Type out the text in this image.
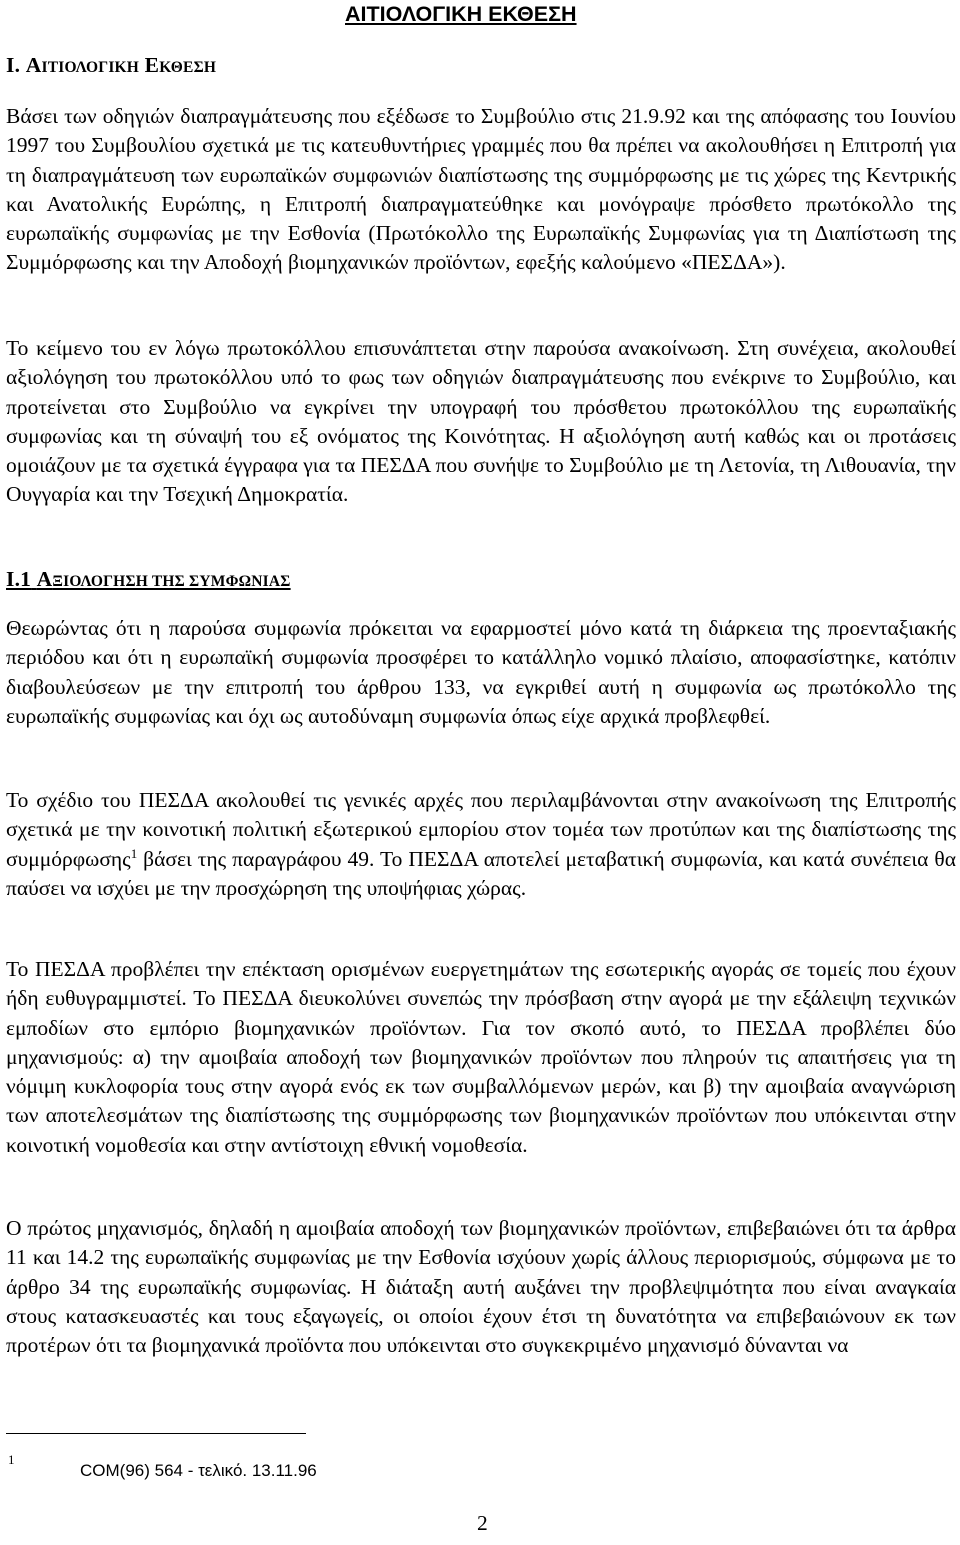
ΑΙΤΙΟΛΟΓΙΚΗ ΕΚΘΕΣΗ
I. ΑΙΤΙΟΛΟΓΙΚΗ ΕΚΘΕΣΗ

Βάσει των οδηγιών διαπραγμάτευσης που εξέδωσε το Συμβούλιο στις 21.9.92 και της απόφασης του Ιουνίου 1997 του Συμβουλίου σχετικά με τις κατευθυντήριες γραμμές που θα πρέπει να ακολουθήσει η Επιτροπή για τη διαπραγμάτευση των ευρωπαϊκών συμφωνιών διαπίστωσης της συμμόρφωσης με τις χώρες της Κεντρικής και Ανατολικής Ευρώπης, η Επιτροπή διαπραγματεύθηκε και μονόγραψε πρόσθετο πρωτόκολλο της ευρωπαϊκής συμφωνίας με την Εσθονία (Πρωτόκολλο της Ευρωπαϊκής Συμφωνίας για τη Διαπίστωση της Συμμόρφωσης και την Αποδοχή βιομηχανικών προϊόντων, εφεξής καλούμενο «ΠΕΣΔΑ»).

Το κείμενο του εν λόγω πρωτοκόλλου επισυνάπτεται στην παρούσα ανακοίνωση. Στη συνέχεια, ακολουθεί αξιολόγηση του πρωτοκόλλου υπό το φως των οδηγιών διαπραγμάτευσης που ενέκρινε το Συμβούλιο, και προτείνεται στο Συμβούλιο να εγκρίνει την υπογραφή του πρόσθετου πρωτοκόλλου της ευρωπαϊκής συμφωνίας και τη σύναψή του εξ ονόματος της Κοινότητας. Η αξιολόγηση αυτή καθώς και οι προτάσεις ομοιάζουν με τα σχετικά έγγραφα για τα ΠΕΣΔΑ που συνήψε το Συμβούλιο με τη Λετονία, τη Λιθουανία, την Ουγγαρία και την Τσεχική Δημοκρατία.

I.1 ΑΞΙΟΛΟΓΗΣΗ ΤΗΣ ΣΥΜΦΩΝΙΑΣ

Θεωρώντας ότι η παρούσα συμφωνία πρόκειται να εφαρμοστεί μόνο κατά τη διάρκεια της προενταξιακής περιόδου και ότι η ευρωπαϊκή συμφωνία προσφέρει το κατάλληλο νομικό πλαίσιο, αποφασίστηκε, κατόπιν διαβουλεύσεων με την επιτροπή του άρθρου 133, να εγκριθεί αυτή η συμφωνία ως πρωτόκολλο της ευρωπαϊκής συμφωνίας και όχι ως αυτοδύναμη συμφωνία όπως είχε αρχικά προβλεφθεί.

Το σχέδιο του ΠΕΣΔΑ ακολουθεί τις γενικές αρχές που περιλαμβάνονται στην ανακοίνωση της Επιτροπής σχετικά με την κοινοτική πολιτική εξωτερικού εμπορίου στον τομέα των προτύπων και της διαπίστωσης της συμμόρφωσης$^1$ βάσει της παραγράφου 49. Το ΠΕΣΔΑ αποτελεί μεταβατική συμφωνία, και κατά συνέπεια θα παύσει να ισχύει με την προσχώρηση της υποψήφιας χώρας.

Το ΠΕΣΔΑ προβλέπει την επέκταση ορισμένων ευεργετημάτων της εσωτερικής αγοράς σε τομείς που έχουν ήδη ευθυγραμμιστεί. Το ΠΕΣΔΑ διευκολύνει συνεπώς την πρόσβαση στην αγορά με την εξάλειψη τεχνικών εμποδίων στο εμπόριο βιομηχανικών προϊόντων. Για τον σκοπό αυτό, το ΠΕΣΔΑ προβλέπει δύο μηχανισμούς: α) την αμοιβαία αποδοχή των βιομηχανικών προϊόντων που πληρούν τις απαιτήσεις για τη νόμιμη κυκλοφορία τους στην αγορά ενός εκ των συμβαλλόμενων μερών, και β) την αμοιβαία αναγνώριση των αποτελεσμάτων της διαπίστωσης της συμμόρφωσης των βιομηχανικών προϊόντων που υπόκεινται στην κοινοτική νομοθεσία και στην αντίστοιχη εθνική νομοθεσία.

Ο πρώτος μηχανισμός, δηλαδή η αμοιβαία αποδοχή των βιομηχανικών προϊόντων, επιβεβαιώνει ότι τα άρθρα 11 και 14.2 της ευρωπαϊκής συμφωνίας με την Εσθονία ισχύουν χωρίς άλλους περιορισμούς, σύμφωνα με το άρθρο 34 της ευρωπαϊκής συμφωνίας. Η διάταξη αυτή αυξάνει την προβλεψιμότητα που είναι αναγκαία στους κατασκευαστές και τους εξαγωγείς, οι οποίοι έχουν έτσι τη δυνατότητα να επιβεβαιώνουν εκ των προτέρων ότι τα βιομηχανικά προϊόντα που υπόκεινται στο συγκεκριμένο μηχανισμό δύνανται να

1
COM(96) 564 - τελικό. 13.11.96
2
